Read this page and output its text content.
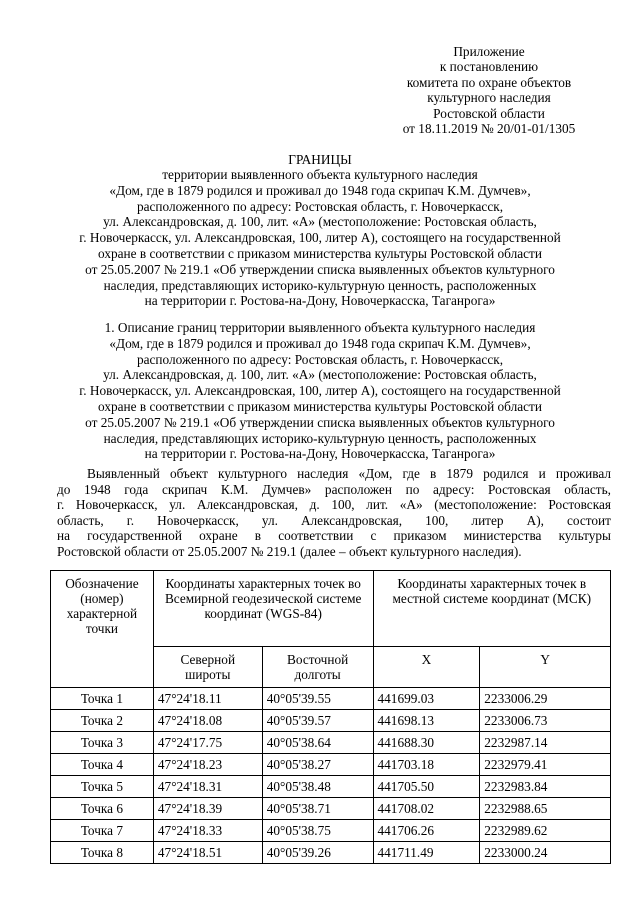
Приложение
к постановлению
комитета по охране объектов
культурного наследия
Ростовской области
от 18.11.2019 № 20/01-01/1305
ГРАНИЦЫ
территории выявленного объекта культурного наследия
«Дом, где в 1879 родился и проживал до 1948 года скрипач К.М. Думчев»,
расположенного по адресу: Ростовская область, г. Новочеркасск,
ул. Александровская, д. 100, лит. «А» (местоположение: Ростовская область,
г. Новочеркасск, ул. Александровская, 100, литер А), состоящего на государственной
охране в соответствии с приказом министерства культуры Ростовской области
от 25.05.2007 № 219.1 «Об утверждении списка выявленных объектов культурного
наследия, представляющих историко-культурную ценность, расположенных
на территории г. Ростова-на-Дону, Новочеркасска, Таганрога»
1. Описание границ территории выявленного объекта культурного наследия
«Дом, где в 1879 родился и проживал до 1948 года скрипач К.М. Думчев»,
расположенного по адресу: Ростовская область, г. Новочеркасск,
ул. Александровская, д. 100, лит. «А» (местоположение: Ростовская область,
г. Новочеркасск, ул. Александровская, 100, литер А), состоящего на государственной
охране в соответствии с приказом министерства культуры Ростовской области
от 25.05.2007 № 219.1 «Об утверждении списка выявленных объектов культурного
наследия, представляющих историко-культурную ценность, расположенных
на территории г. Ростова-на-Дону, Новочеркасска, Таганрога»
Выявленный объект культурного наследия «Дом, где в 1879 родился и проживал
до 1948 года скрипач К.М. Думчев» расположен по адресу: Ростовская область,
г. Новочеркасск, ул. Александровская, д. 100, лит. «А» (местоположение: Ростовская
область, г. Новочеркасск, ул. Александровская, 100, литер А), состоит
на государственной охране в соответствии с приказом министерства культуры
Ростовской области от 25.05.2007 № 219.1 (далее – объект культурного наследия).
Обозначение (номер) характерной точки	Координаты характерных точек во Всемирной геодезической системе координат (WGS-84)		Координаты характерных точек в местной системе координат (МСК)	
	Северной широты	Восточной долготы	X	Y
Точка 1	47°24'18.11	40°05'39.55	441699.03	2233006.29
Точка 2	47°24'18.08	40°05'39.57	441698.13	2233006.73
Точка 3	47°24'17.75	40°05'38.64	441688.30	2232987.14
Точка 4	47°24'18.23	40°05'38.27	441703.18	2232979.41
Точка 5	47°24'18.31	40°05'38.48	441705.50	2232983.84
Точка 6	47°24'18.39	40°05'38.71	441708.02	2232988.65
Точка 7	47°24'18.33	40°05'38.75	441706.26	2232989.62
Точка 8	47°24'18.51	40°05'39.26	441711.49	2233000.24
